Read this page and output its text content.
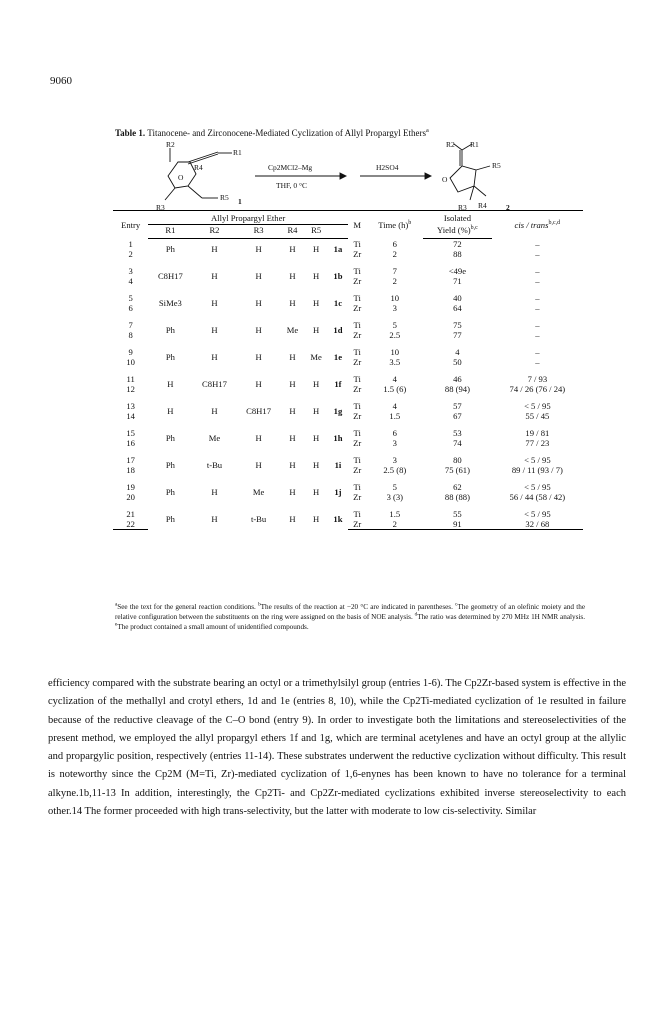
9060
Table 1. Titanocene- and Zirconocene-Mediated Cyclization of Allyl Propargyl Ethers$^a$
R2
R1
R4
O
R5
R3
1
Cp2MCl2–Mg
THF, 0 °C
H2SO4
R2 R1
R5
O
R3 R4	2
Entry	Allyl Propargyl Ether						M	Time $(h)^b$	Isolated	cis / trans$^{b,c,d}$
	R1	R2	R3	R4	R5				Yield (%)$^{b,c}$
1	Ph	H	H	H	H	1a	Ti	6	72	–
2							Zr	2	88	–

3	C8H17	H	H	H	H	1b	Ti	7	<49e	–
4							Zr	2	71	–

5	SiMe3	H	H	H	H	1c	Ti	10	40	–
6							Zr	3	64	–

7	Ph	H	H	Me	H	1d	Ti	5	75	–
8							Zr	2.5	77	–

9	Ph	H	H	H	Me	1e	Ti	10	4	–
10							Zr	3.5	50	–

11	H	C8H17	H	H	H	1f	Ti	4	46	7 / 93
12							Zr	1.5 (6)	88 (94)	74 / 26 (76 / 24)

13	H	H	C8H17	H	H	1g	Ti	4	57	< 5 / 95
14							Zr	1.5	67	55 / 45

15	Ph	Me	H	H	H	1h	Ti	6	53	19 / 81
16							Zr	3	74	77 / 23

17	Ph	t-Bu	H	H	H	1i	Ti	3	80	< 5 / 95
18							Zr	2.5 (8)	75 (61)	89 / 11 (93 / 7)

19	Ph	H	Me	H	H	1j	Ti	5	62	< 5 / 95
20							Zr	3 (3)	88 (88)	56 / 44 (58 / 42)

21	Ph	H	t-Bu	H	H	1k	Ti	1.5	55	< 5 / 95
22							Zr	2	91	32 / 68
$^a$See the text for the general reaction conditions. $^b$The results of the reaction at −20 °C are indicated in parentheses. $^c$The geometry of an olefinic moiety and the relative configuration between the substituents on the ring were assigned on the basis of NOE analysis. $^d$The ratio was determined by 270 MHz 1H NMR analysis. $^e$The product contained a small amount of unidentified compounds.

efficiency compared with the substrate bearing an octyl or a trimethylsilyl group (entries 1-6). The Cp2Zr-based system is effective in the cyclization of the methallyl and crotyl ethers, 1d and 1e (entries 8, 10), while the Cp2Ti-mediated cyclization of 1e resulted in failure because of the reductive cleavage of the C–O bond (entry 9). In order to investigate both the limitations and stereoselectivities of the present method, we employed the allyl propargyl ethers 1f and 1g, which are terminal acetylenes and have an octyl group at the allylic and propargylic position, respectively (entries 11-14). These substrates underwent the reductive cyclization without difficulty. This result is noteworthy since the Cp2M (M=Ti, Zr)-mediated cyclization of 1,6-enynes has been known to have no tolerance for a terminal alkyne.1b,11-13 In addition, interestingly, the Cp2Ti- and Cp2Zr-mediated cyclizations exhibited inverse stereoselectivity to each other.14 The former proceeded with high trans-selectivity, but the latter with moderate to low cis-selectivity. Similar
